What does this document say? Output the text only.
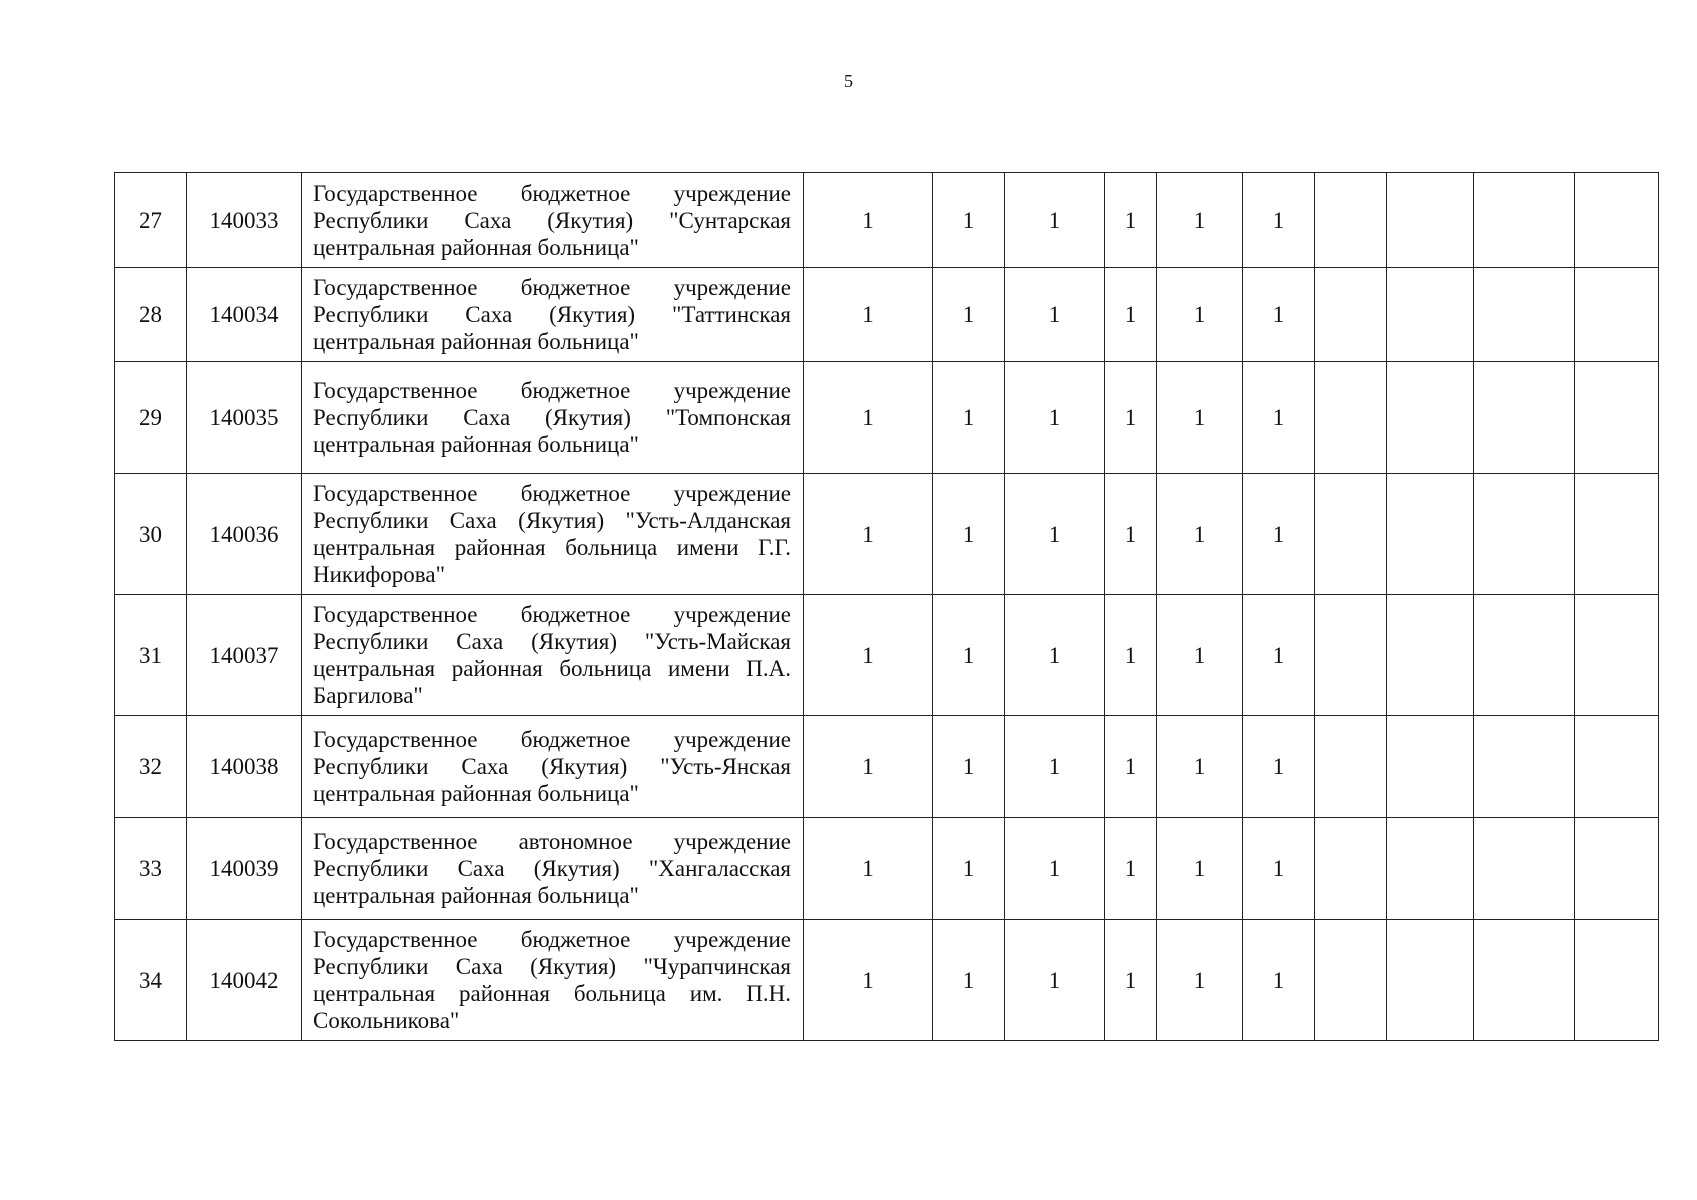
5
27	140033	Государственное бюджетное учреждение Республики Саха (Якутия) "Сунтарская центральная районная больница"	1	1	1	1	1	1					
28	140034	Государственное бюджетное учреждение Республики Саха (Якутия) "Таттинская центральная районная больница"	1	1	1	1	1	1					
29	140035	Государственное бюджетное учреждение Республики Саха (Якутия) "Томпонская центральная районная больница"	1	1	1	1	1	1					
30	140036	Государственное бюджетное учреждение Республики Саха (Якутия) "Усть-Алданская центральная районная больница имени Г.Г. Никифорова"	1	1	1	1	1	1					
31	140037	Государственное бюджетное учреждение Республики Саха (Якутия) "Усть-Майская центральная районная больница имени П.А. Баргилова"	1	1	1	1	1	1					
32	140038	Государственное бюджетное учреждение Республики Саха (Якутия) "Усть-Янская центральная районная больница"	1	1	1	1	1	1					
33	140039	Государственное автономное учреждение Республики Саха (Якутия) "Хангаласская центральная районная больница"	1	1	1	1	1	1					
34	140042	Государственное бюджетное учреждение Республики Саха (Якутия) "Чурапчинская центральная районная больница им. П.Н. Сокольникова"	1	1	1	1	1	1					
